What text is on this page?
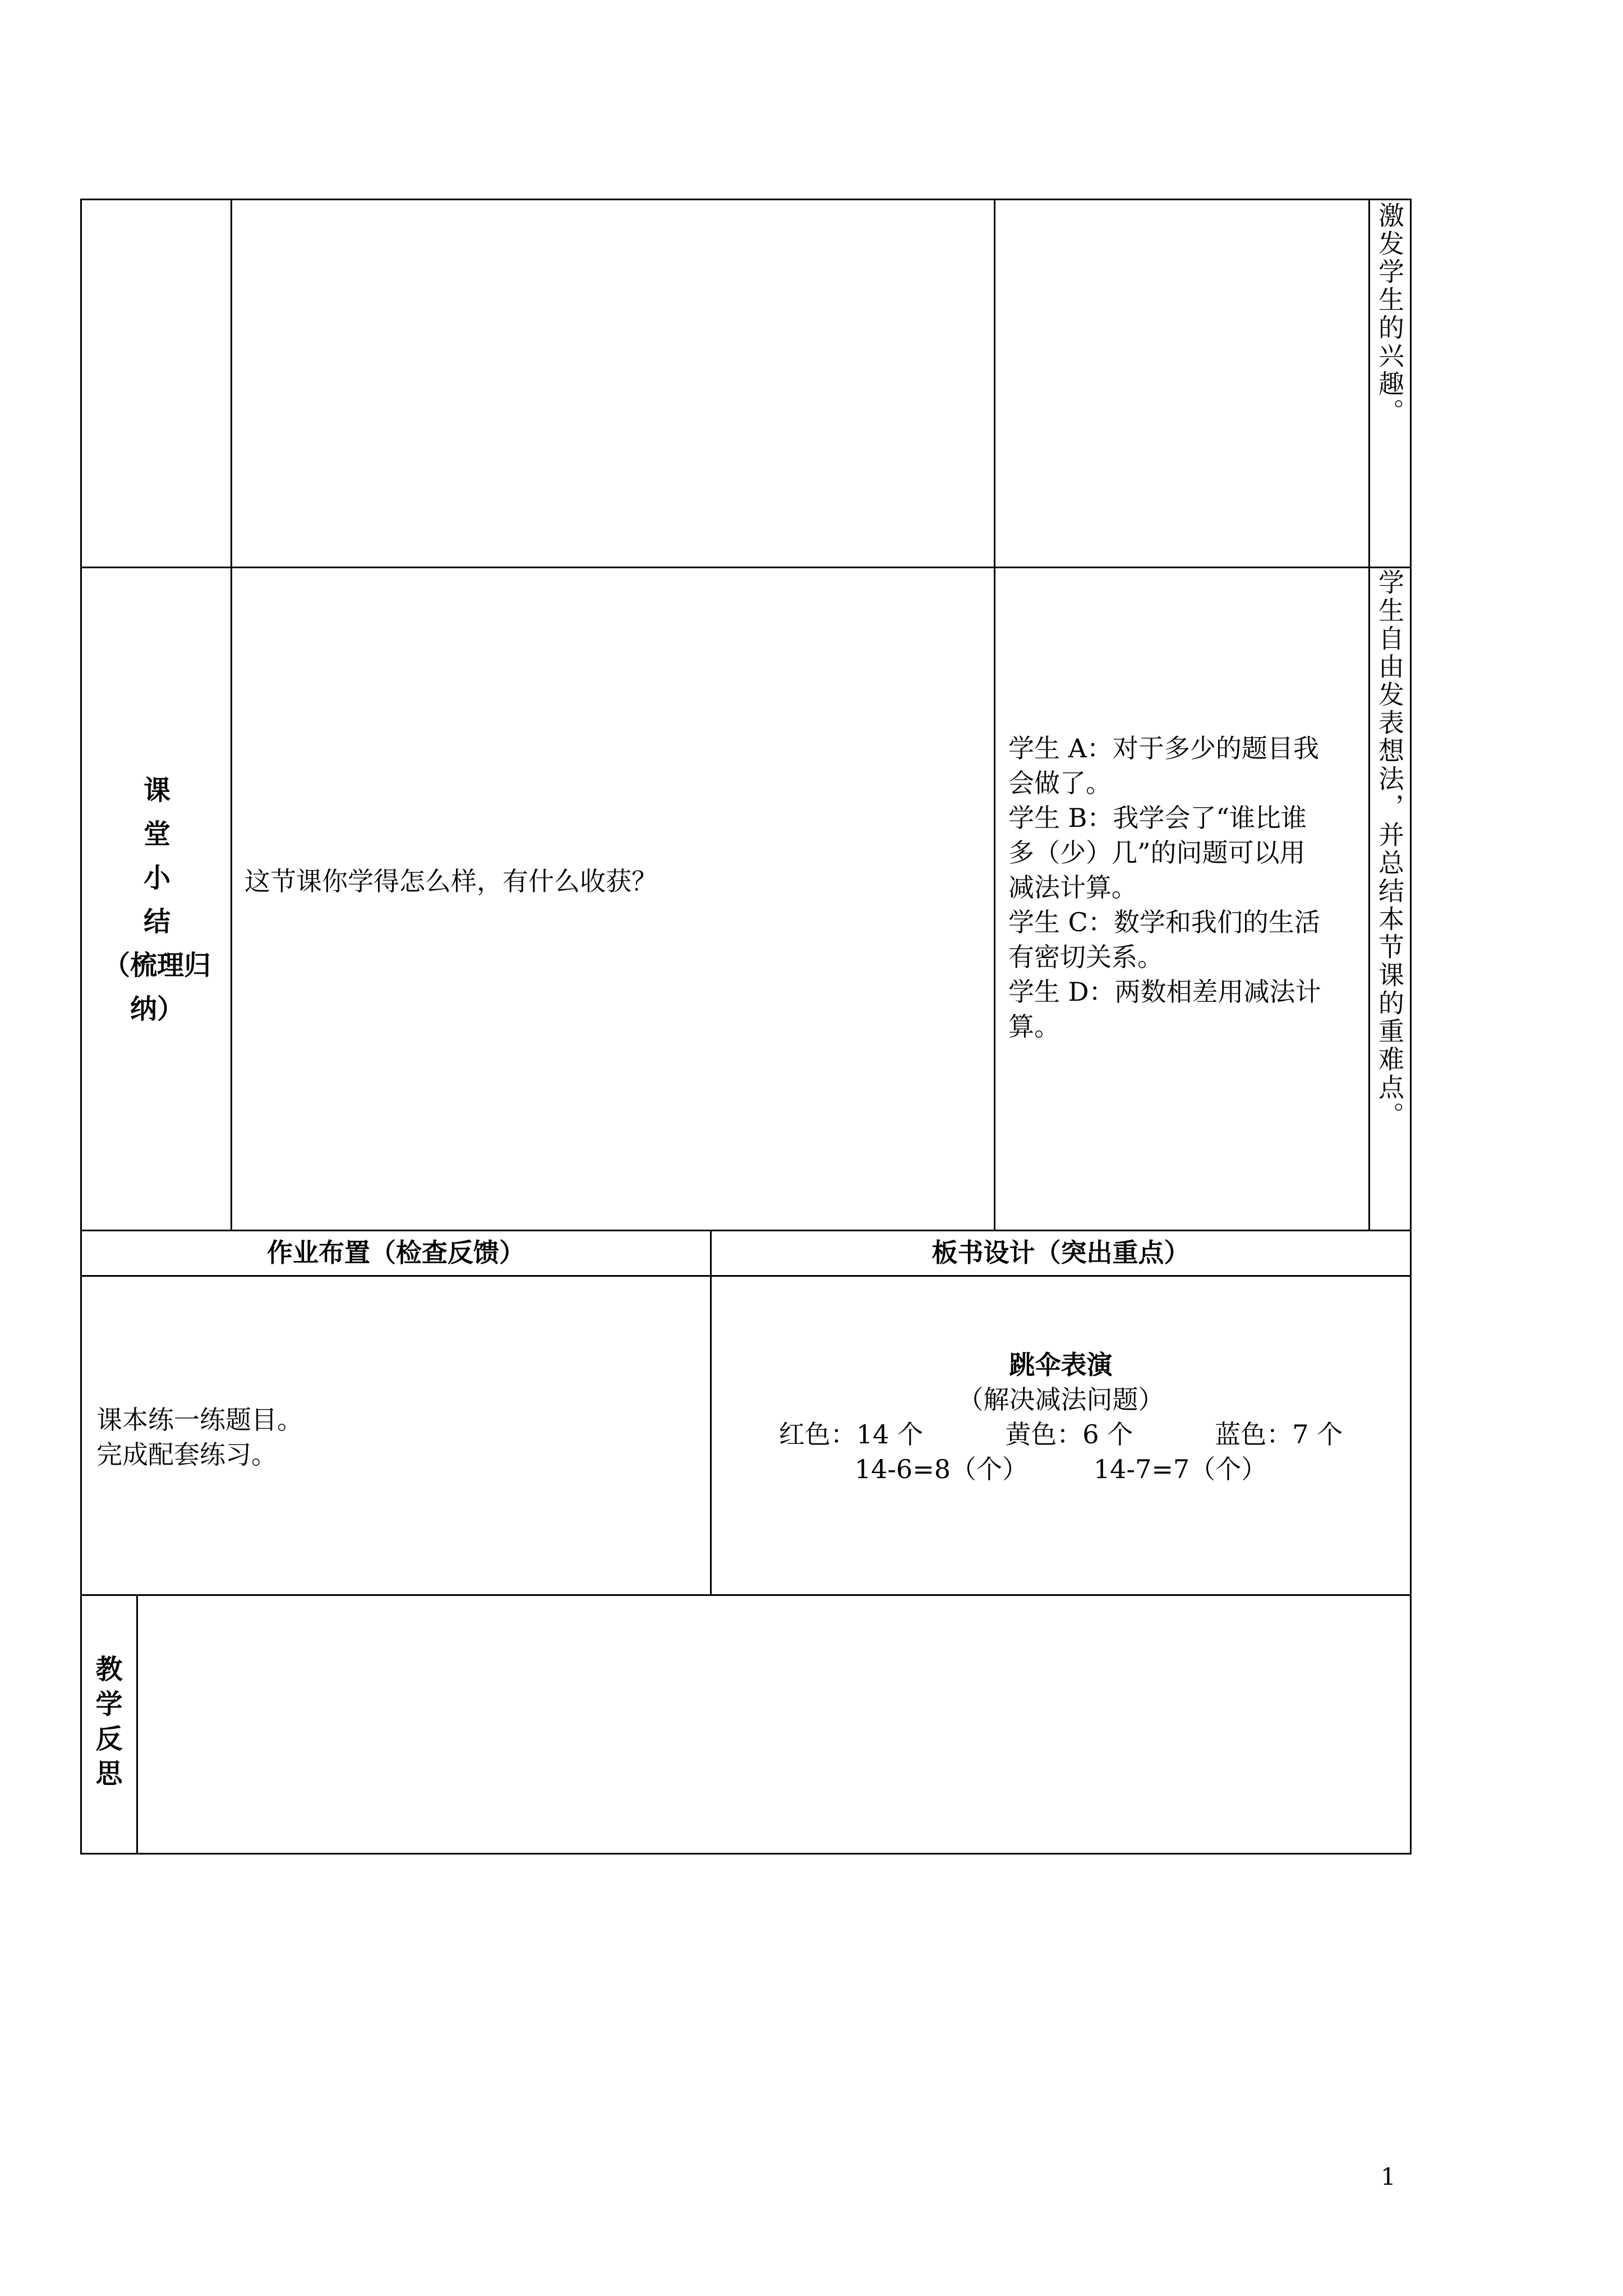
激发学生的兴趣。
课
堂
小
结
（梳理归
纳）
这节课你学得怎么样，有什么收获？
学生 A：对于多少的题目我
会做了。
学生 B：我学会了“谁比谁
多（少）几”的问题可以用
减法计算。
学生 C：数学和我们的生活
有密切关系。
学生 D：两数相差用减法计
算。	学生自由发表想法，并总结本节课的重难点。
作业布置（检查反馈）	板书设计（突出重点）
课本练一练题目。
完成配套练习。
跳伞表演
（解决减法问题）
红色：14 个          黄色：6 个          蓝色：7 个
14-6=8（个）        14-7=7（个）
教
学
反
思
1
